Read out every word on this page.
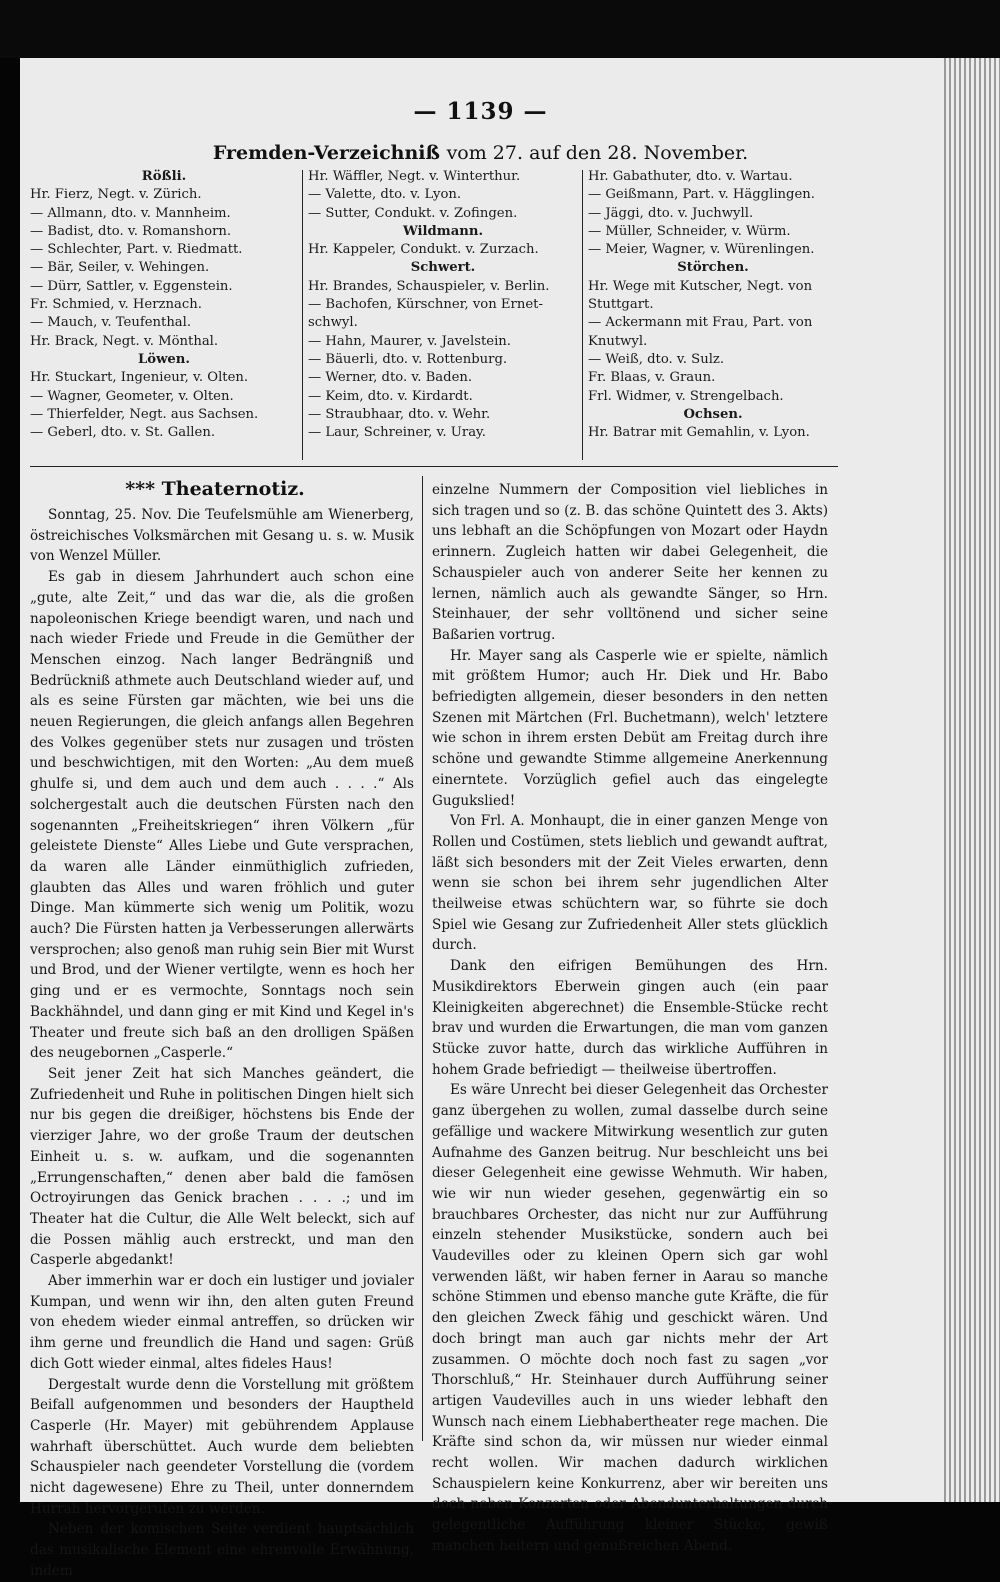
— 1139 —
Fremden-Verzeichniß vom 27. auf den 28. November.
Rößli.
Hr. Fierz, Negt. v. Zürich.
— Allmann, dto. v. Mannheim.
— Badist, dto. v. Romanshorn.
— Schlechter, Part. v. Riedmatt.
— Bär, Seiler, v. Wehingen.
— Dürr, Sattler, v. Eggenstein.
Fr. Schmied, v. Herznach.
— Mauch, v. Teufenthal.
Hr. Brack, Negt. v. Mönthal.
Löwen.
Hr. Stuckart, Ingenieur, v. Olten.
— Wagner, Geometer, v. Olten.
— Thierfelder, Negt. aus Sachsen.
— Geberl, dto. v. St. Gallen.
Hr. Wäffler, Negt. v. Winterthur.
— Valette, dto. v. Lyon.
— Sutter, Condukt. v. Zofingen.
Wildmann.
Hr. Kappeler, Condukt. v. Zurzach.
Schwert.
Hr. Brandes, Schauspieler, v. Berlin.
— Bachofen, Kürschner, von Ernet-
schwyl.
— Hahn, Maurer, v. Javelstein.
— Bäuerli, dto. v. Rottenburg.
— Werner, dto. v. Baden.
— Keim, dto. v. Kirdardt.
— Straubhaar, dto. v. Wehr.
— Laur, Schreiner, v. Uray.
Hr. Gabathuter, dto. v. Wartau.
— Geißmann, Part. v. Hägglingen.
— Jäggi, dto. v. Juchwyll.
— Müller, Schneider, v. Würm.
— Meier, Wagner, v. Würenlingen.
Störchen.
Hr. Wege mit Kutscher, Negt. von
Stuttgart.
— Ackermann mit Frau, Part. von
Knutwyl.
— Weiß, dto. v. Sulz.
Fr. Blaas, v. Graun.
Frl. Widmer, v. Strengelbach.
Ochsen.
Hr. Batrar mit Gemahlin, v. Lyon.
*** Theaternotiz.

Sonntag, 25. Nov. Die Teufelsmühle am Wienerberg, östreichisches Volksmärchen mit Gesang u. s. w. Musik von Wenzel Müller.

Es gab in diesem Jahrhundert auch schon eine „gute, alte Zeit,“ und das war die, als die großen napoleonischen Kriege beendigt waren, und nach und nach wieder Friede und Freude in die Gemüther der Menschen einzog. Nach langer Bedrängniß und Bedrückniß athmete auch Deutschland wieder auf, und als es seine Fürsten gar mächten, wie bei uns die neuen Regierungen, die gleich anfangs allen Begehren des Volkes gegenüber stets nur zusagen und trösten und beschwichtigen, mit den Worten: „Au dem mueß ghulfe si, und dem auch und dem auch . . . .“ Als solchergestalt auch die deutschen Fürsten nach den sogenannten „Freiheitskriegen“ ihren Völkern „für geleistete Dienste“ Alles Liebe und Gute versprachen, da waren alle Länder einmüthiglich zufrieden, glaubten das Alles und waren fröhlich und guter Dinge. Man kümmerte sich wenig um Politik, wozu auch? Die Fürsten hatten ja Verbesserungen allerwärts versprochen; also genoß man ruhig sein Bier mit Wurst und Brod, und der Wiener vertilgte, wenn es hoch her ging und er es vermochte, Sonntags noch sein Backhähndel, und dann ging er mit Kind und Kegel in's Theater und freute sich baß an den drolligen Späßen des neugebornen „Casperle.“

Seit jener Zeit hat sich Manches geändert, die Zufriedenheit und Ruhe in politischen Dingen hielt sich nur bis gegen die dreißiger, höchstens bis Ende der vierziger Jahre, wo der große Traum der deutschen Einheit u. s. w. aufkam, und die sogenannten „Errungenschaften,“ denen aber bald die famösen Octroyirungen das Genick brachen . . . .; und im Theater hat die Cultur, die Alle Welt beleckt, sich auf die Possen mählig auch erstreckt, und man den Casperle abgedankt!

Aber immerhin war er doch ein lustiger und jovialer Kumpan, und wenn wir ihn, den alten guten Freund von ehedem wieder einmal antreffen, so drücken wir ihm gerne und freundlich die Hand und sagen: Grüß dich Gott wieder einmal, altes fideles Haus!

Dergestalt wurde denn die Vorstellung mit größtem Beifall aufgenommen und besonders der Hauptheld Casperle (Hr. Mayer) mit gebührendem Applause wahrhaft überschüttet. Auch wurde dem beliebten Schauspieler nach geendeter Vorstellung die (vordem nicht dagewesene) Ehre zu Theil, unter donnerndem Hurrah hervorgerufen zu werden.

Neben der komischen Seite verdient hauptsächlich das musikalische Element eine ehrenvolle Erwähnung, indem

einzelne Nummern der Composition viel liebliches in sich tragen und so (z. B. das schöne Quintett des 3. Akts) uns lebhaft an die Schöpfungen von Mozart oder Haydn erinnern. Zugleich hatten wir dabei Gelegenheit, die Schauspieler auch von anderer Seite her kennen zu lernen, nämlich auch als gewandte Sänger, so Hrn. Steinhauer, der sehr volltönend und sicher seine Baßarien vortrug.

Hr. Mayer sang als Casperle wie er spielte, nämlich mit größtem Humor; auch Hr. Diek und Hr. Babo befriedigten allgemein, dieser besonders in den netten Szenen mit Märtchen (Frl. Buchetmann), welch' letztere wie schon in ihrem ersten Debüt am Freitag durch ihre schöne und gewandte Stimme allgemeine Anerkennung einerntete. Vorzüglich gefiel auch das eingelegte Gugukslied!

Von Frl. A. Monhaupt, die in einer ganzen Menge von Rollen und Costümen, stets lieblich und gewandt auftrat, läßt sich besonders mit der Zeit Vieles erwarten, denn wenn sie schon bei ihrem sehr jugendlichen Alter theilweise etwas schüchtern war, so führte sie doch Spiel wie Gesang zur Zufriedenheit Aller stets glücklich durch.

Dank den eifrigen Bemühungen des Hrn. Musikdirektors Eberwein gingen auch (ein paar Kleinigkeiten abgerechnet) die Ensemble-Stücke recht brav und wurden die Erwartungen, die man vom ganzen Stücke zuvor hatte, durch das wirkliche Aufführen in hohem Grade befriedigt — theilweise übertroffen.

Es wäre Unrecht bei dieser Gelegenheit das Orchester ganz übergehen zu wollen, zumal dasselbe durch seine gefällige und wackere Mitwirkung wesentlich zur guten Aufnahme des Ganzen beitrug. Nur beschleicht uns bei dieser Gelegenheit eine gewisse Wehmuth. Wir haben, wie wir nun wieder gesehen, gegenwärtig ein so brauchbares Orchester, das nicht nur zur Aufführung einzeln stehender Musikstücke, sondern auch bei Vaudevilles oder zu kleinen Opern sich gar wohl verwenden läßt, wir haben ferner in Aarau so manche schöne Stimmen und ebenso manche gute Kräfte, die für den gleichen Zweck fähig und geschickt wären. Und doch bringt man auch gar nichts mehr der Art zusammen. O möchte doch noch fast zu sagen „vor Thorschluß,“ Hr. Steinhauer durch Aufführung seiner artigen Vaudevilles auch in uns wieder lebhaft den Wunsch nach einem Liebhabertheater rege machen. Die Kräfte sind schon da, wir müssen nur wieder einmal recht wollen. Wir machen dadurch wirklichen Schauspielern keine Konkurrenz, aber wir bereiten uns doch neben Konzerten oder Abendunterhaltungen durch gelegentliche Aufführung kleiner Stücke, gewiß manchen heitern und genußreichen Abend.
